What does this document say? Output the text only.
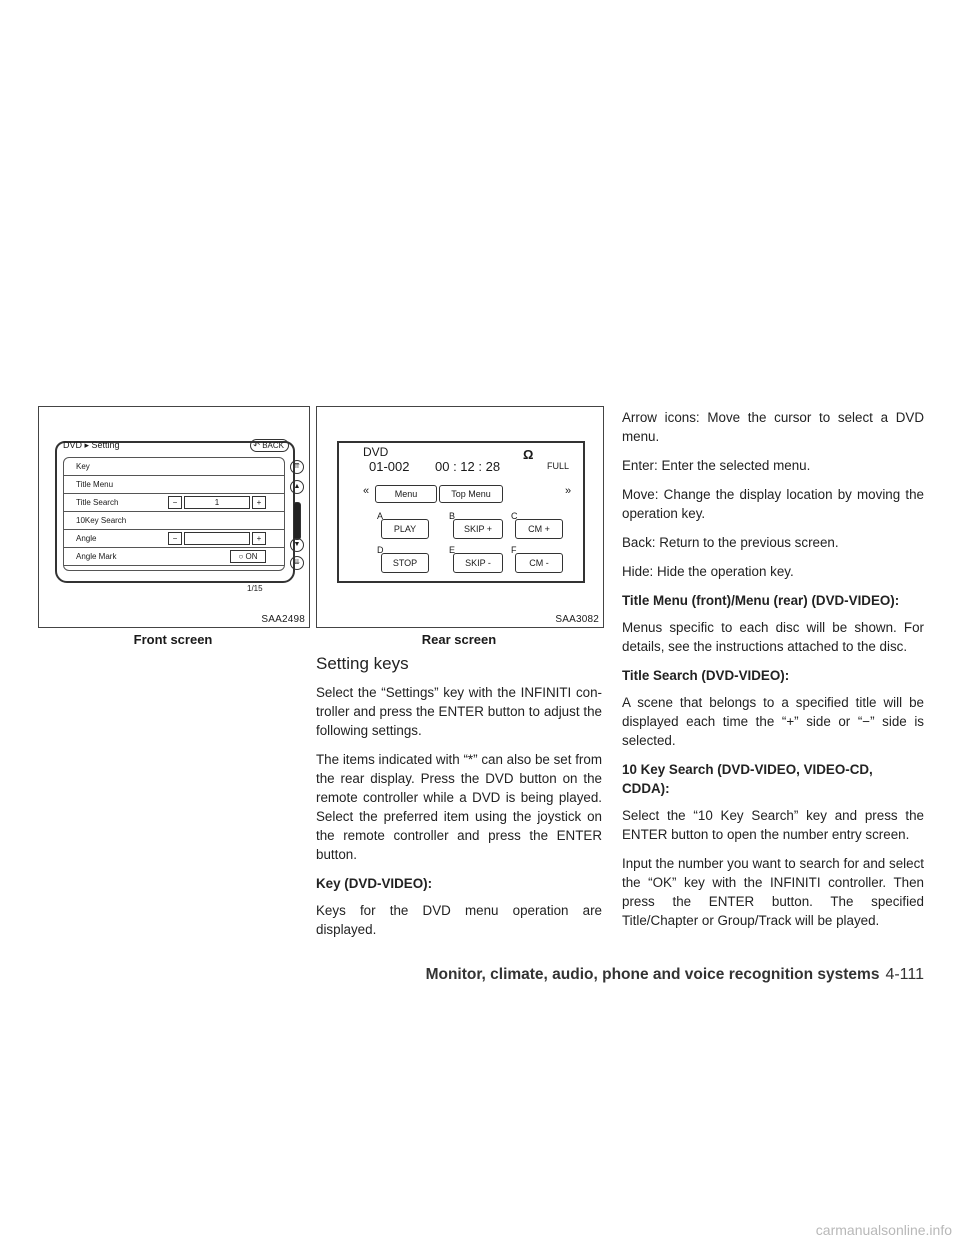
DVD ▸ Setting	↶ BACK
Key
Title Menu
Title Search	−	1	+
10Key Search
Angle	−	+
Angle Mark	○ ON
⇈
▲
▼
⇊
1/15
SAA2498
Front screen
DVD
01-002 00 : 12 : 28
Ω
FULL
«	Menu	Top Menu	»
A
PLAY
B
SKIP +
C
CM +
D
STOP
E
SKIP -
F
CM -
SAA3082
Rear screen
Setting keys

Select the “Settings” key with the INFINITI con- troller and press the ENTER button to adjust the following settings.

The items indicated with “*” can also be set from the rear display. Press the DVD button on the remote controller while a DVD is being played. Select the preferred item using the joystick on the remote controller and press the ENTER button.

Key (DVD-VIDEO):

Keys for the DVD menu operation are displayed.

Arrow icons: Move the cursor to select a DVD menu.

Enter: Enter the selected menu.

Move: Change the display location by moving the operation key.

Back: Return to the previous screen.

Hide: Hide the operation key.

Title Menu (front)/Menu (rear) (DVD-VIDEO):

Menus specific to each disc will be shown. For details, see the instructions attached to the disc.

Title Search (DVD-VIDEO):

A scene that belongs to a specified title will be displayed each time the “+” side or “−” side is selected.

10 Key Search (DVD-VIDEO, VIDEO-CD, CDDA):

Select the “10 Key Search” key and press the ENTER button to open the number entry screen.

Input the number you want to search for and select the “OK” key with the INFINITI controller. Then press the ENTER button. The specified Title/Chapter or Group/Track will be played.

Monitor, climate, audio, phone and voice recognition systems 4-111
carmanualsonline.info
